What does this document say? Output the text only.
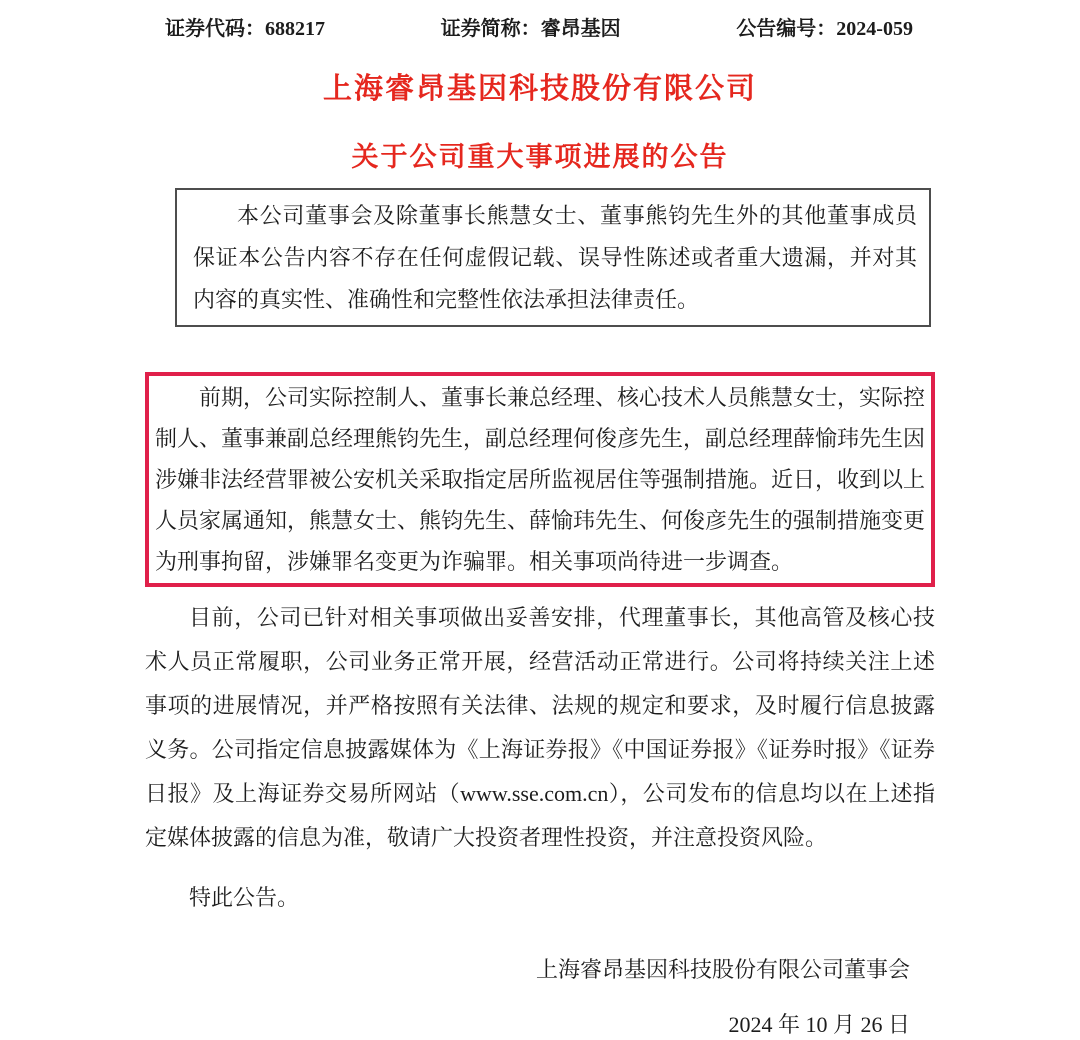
证券代码：688217	证券简称：睿昂基因	公告编号：2024-059
上海睿昂基因科技股份有限公司
关于公司重大事项进展的公告

本公司董事会及除董事长熊慧女士、董事熊钧先生外的其他董事成员保证本公告内容不存在任何虚假记载、误导性陈述或者重大遗漏，并对其内容的真实性、准确性和完整性依法承担法律责任。

前期，公司实际控制人、董事长兼总经理、核心技术人员熊慧女士，实际控制人、董事兼副总经理熊钧先生，副总经理何俊彦先生，副总经理薛愉玮先生因涉嫌非法经营罪被公安机关采取指定居所监视居住等强制措施。近日，收到以上人员家属通知，熊慧女士、熊钧先生、薛愉玮先生、何俊彦先生的强制措施变更为刑事拘留，涉嫌罪名变更为诈骗罪。相关事项尚待进一步调查。

目前，公司已针对相关事项做出妥善安排，代理董事长，其他高管及核心技术人员正常履职，公司业务正常开展，经营活动正常进行。公司将持续关注上述事项的进展情况，并严格按照有关法律、法规的规定和要求，及时履行信息披露义务。公司指定信息披露媒体为《上海证券报》《中国证券报》《证券时报》《证券日报》及上海证券交易所网站（www.sse.com.cn），公司发布的信息均以在上述指定媒体披露的信息为准，敬请广大投资者理性投资，并注意投资风险。

特此公告。

上海睿昂基因科技股份有限公司董事会

2024 年 10 月 26 日
